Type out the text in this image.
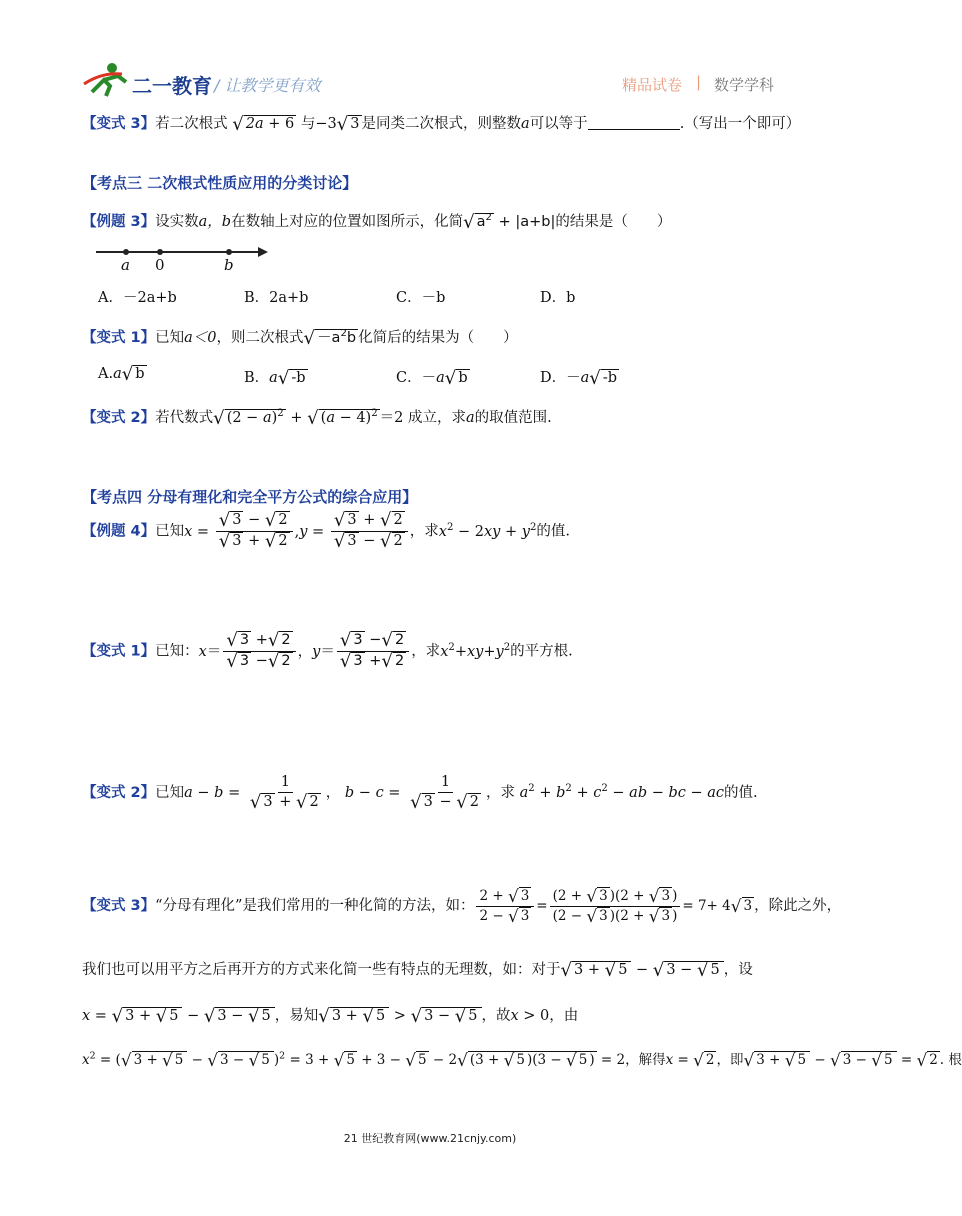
二一教育 / 让教学更有效	精品试卷 | 数学学科
【变式 3】若二次根式 √ 2a + 6 与−3√ 3 是同类二次根式，则整数a可以等于	.（写出一个即可）
【考点三 二次根式性质应用的分类讨论】
【例题 3】设实数a，b在数轴上对应的位置如图所示，化简√ $a^2 + |a+b|$的结果是（　　）
a 0	b
A．－2a+b	B．2a+b	C．－b	D．b
【变式 1】已知a＜0，则二次根式√ $-a^2b$ 化简后的结果为（　　）
A.a√ b	B．a√ -b	C．－a√ b	D．－a√ -b
【变式 2】若代数式√ $(2 - a)^2$ + √ $(a - 4)^2 =2$ 成立，求a的取值范围.
【考点四 分母有理化和完全平方公式的综合应用】
【例题 4】已知$x = \frac{√ 3 - √ 2}{√ 3 + √ 2} ,y = \frac{√ 3 + √ 2}{√ 3 - √ 2}$ ，求$x^2 - 2xy + y^2$的值.
【变式 1】已知：$x= \frac{√ 3 +√ 2}{√ 3 -√ 2}$ ，$y= \frac{√ 3 -√ 2}{√ 3 +√ 2}$ ，求$x^2+xy+y^2$的平方根.
【变式 2】已知$a - b = \frac{1}{√ 3 + √ 2}$ ， $b - c = \frac{1}{√ 3 - √ 2}$ ，求 $a^2 + b^2 + c^2$ − ab − bc − ac的值.
【变式 3】“分母有理化”是我们常用的一种化简的方法，如： $\frac{2 + √ 3}{2 - √ 3} = \frac{(2 + √ 3 )(2 + √ 3 )}{(2 - √ 3 )(2 + √ 3 )} = 7+ 4√$ 3 ，除此之外，
我们也可以用平方之后再开方的方式来化简一些有特点的无理数，如：对于√ 3 + √ 5 − √ 3 − √ 5 ，设
x = √ 3 + √ 5 − √ 3 − √ 5 ，易知√ 3 + √ 5 > √ 3 − √ 5 ，故x > 0，由
$x^2$ = (√ 3 + √ 5 − √ 3 − √ 5 )$^2$ = 3 + √ 5 + 3 − √ 5 − 2√ (3 + √ 5 )(3 − √ 5 ) = 2，解得x = √ 2 ，即√ 3 + √ 5 − √ 3 − √ 5 = √ 2 . 根
21 世纪教育网(www.21cnjy.com)
